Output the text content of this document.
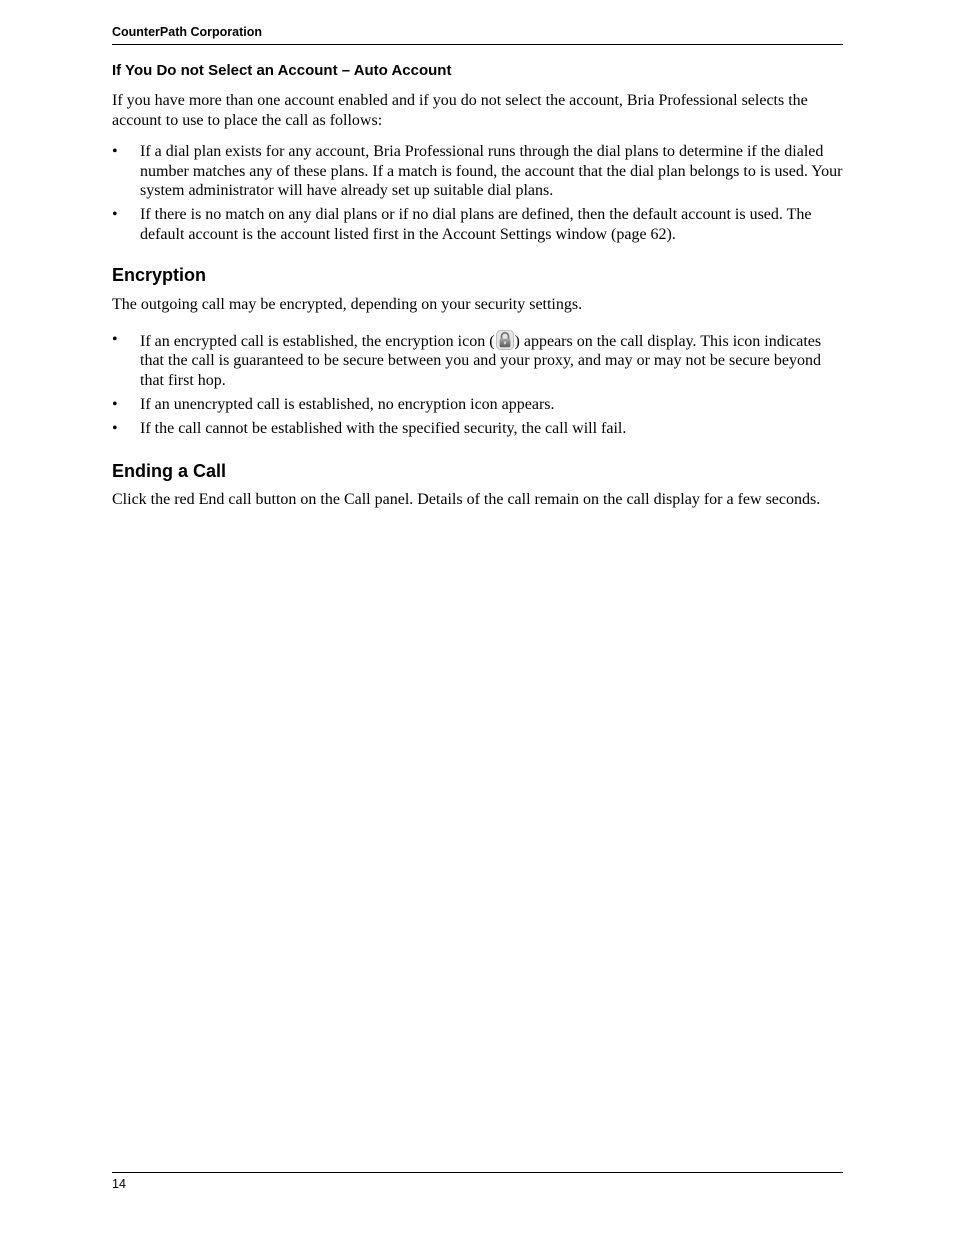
CounterPath Corporation
If You Do not Select an Account – Auto Account

If you have more than one account enabled and if you do not select the account, Bria Professional selects the account to use to place the call as follows:

• If a dial plan exists for any account, Bria Professional runs through the dial plans to determine if the dialed number matches any of these plans. If a match is found, the account that the dial plan belongs to is used. Your system administrator will have already set up suitable dial plans.
• If there is no match on any dial plans or if no dial plans are defined, then the default account is used. The default account is the account listed first in the Account Settings window (page 62).
Encryption

The outgoing call may be encrypted, depending on your security settings.

• If an encrypted call is established, the encryption icon ( ) appears on the call display. This icon indicates that the call is guaranteed to be secure between you and your proxy, and may or may not be secure beyond that first hop.
• If an unencrypted call is established, no encryption icon appears.
• If the call cannot be established with the specified security, the call will fail.
Ending a Call

Click the red End call button on the Call panel. Details of the call remain on the call display for a few seconds.

14
